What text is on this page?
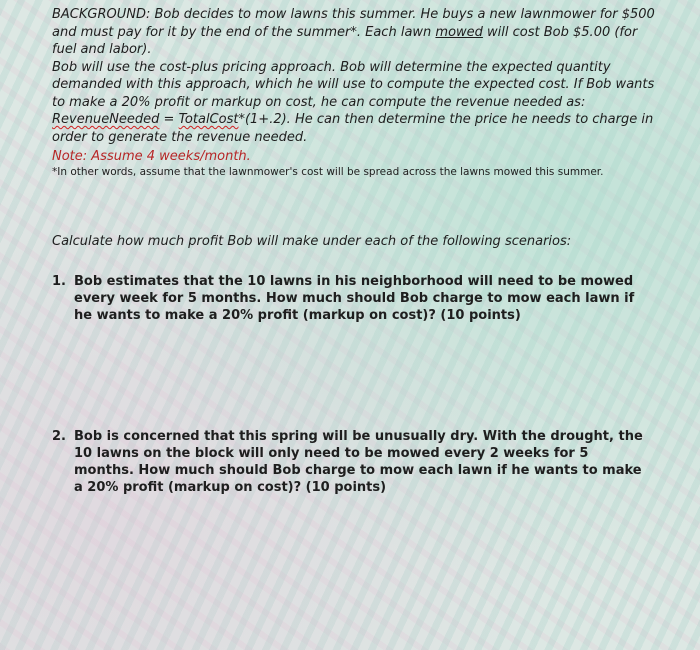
BACKGROUND: Bob decides to mow lawns this summer. He buys a new lawnmower for $500 and must pay for it by the end of the summer*. Each lawn mowed will cost Bob $5.00 (for fuel and labor).

Bob will use the cost-plus pricing approach. Bob will determine the expected quantity demanded with this approach, which he will use to compute the expected cost. If Bob wants to make a 20% profit or markup on cost, he can compute the revenue needed as: RevenueNeeded = TotalCost*(1+.2). He can then determine the price he needs to charge in order to generate the revenue needed.

Note: Assume 4 weeks/month.
*In other words, assume that the lawnmower's cost will be spread across the lawns mowed this summer.
Calculate how much profit Bob will make under each of the following scenarios:
1. Bob estimates that the 10 lawns in his neighborhood will need to be mowed every week for 5 months. How much should Bob charge to mow each lawn if he wants to make a 20% profit (markup on cost)? (10 points)
2. Bob is concerned that this spring will be unusually dry. With the drought, the 10 lawns on the block will only need to be mowed every 2 weeks for 5 months. How much should Bob charge to mow each lawn if he wants to make a 20% profit (markup on cost)? (10 points)
